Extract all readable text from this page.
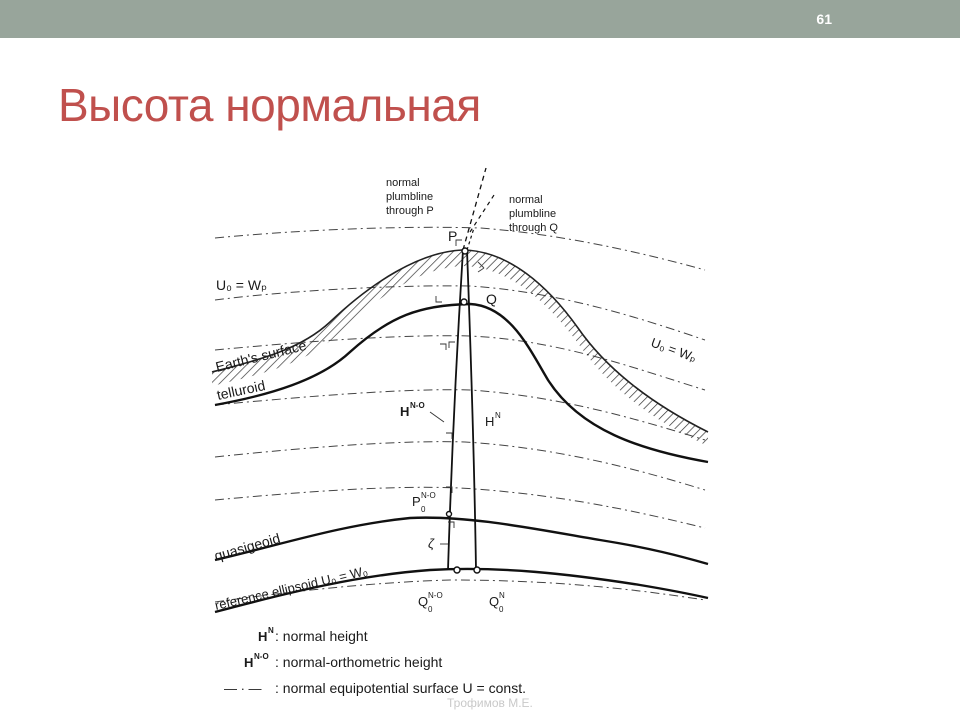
61
Высота нормальная
normal
plumbline
through P
normal
plumbline
through Q
P
Q
U₀ = Wₚ
U₀ = Wₚ
Earth's surface
telluroid
quasigeoid
reference ellipsoid U₀ = W₀
H N-O
H N
P
0
N-O
ζ
Q
0
N-O	Q
0
N
H N : normal height
H N-O : normal-orthometric height
— · — : normal equipotential surface U = const.
Трофимов М.Е.
